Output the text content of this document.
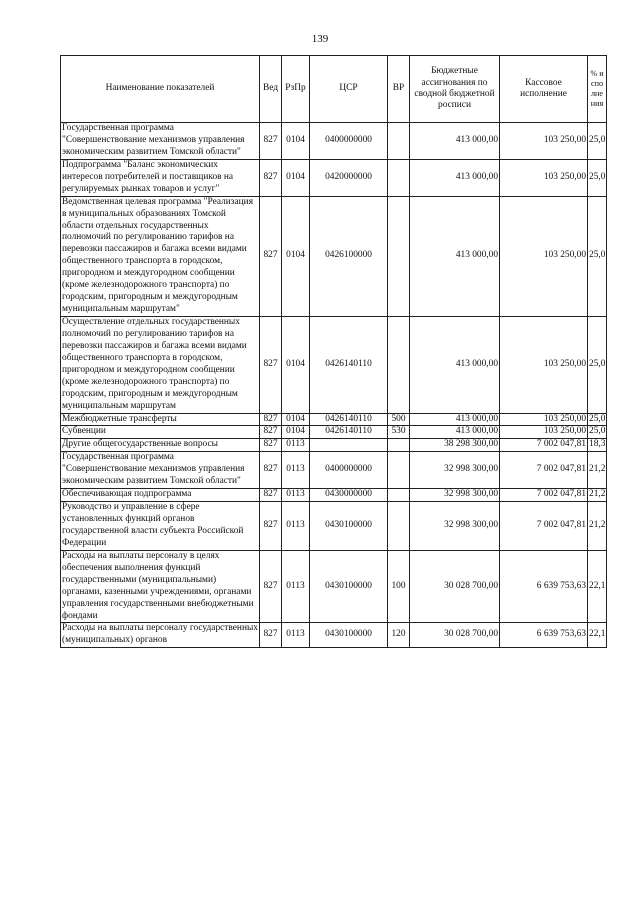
139
Наименование показателей	Вед	РзПр	ЦСР	ВР	Бюджетные ассигнования по сводной бюджетной росписи	Кассовое исполнение	% исполнения
Государственная программа "Совершенствование механизмов управления экономическим развитием Томской области"	827	0104	0400000000		413 000,00	103 250,00	25,0
Подпрограмма "Баланс экономических интересов потребителей и поставщиков на регулируемых рынках товаров и услуг"	827	0104	0420000000		413 000,00	103 250,00	25,0
Ведомственная целевая программа "Реализация в муниципальных образованиях Томской области отдельных государственных полномочий по регулированию тарифов на перевозки пассажиров и багажа всеми видами общественного транспорта в городском, пригородном и междугородном сообщении (кроме железнодорожного транспорта) по городским, пригородным и междугородным муниципальным маршрутам"	827	0104	0426100000		413 000,00	103 250,00	25,0
Осуществление отдельных государственных полномочий по регулированию тарифов на перевозки пассажиров и багажа всеми видами общественного транспорта в городском, пригородном и междугородном сообщении (кроме железнодорожного транспорта) по городским, пригородным и междугородным муниципальным маршрутам	827	0104	0426140110		413 000,00	103 250,00	25,0
Межбюджетные трансферты	827	0104	0426140110	500	413 000,00	103 250,00	25,0
Субвенции	827	0104	0426140110	530	413 000,00	103 250,00	25,0
Другие общегосударственные вопросы	827	0113			38 298 300,00	7 002 047,81	18,3
Государственная программа "Совершенствование механизмов управления экономическим развитием Томской области"	827	0113	0400000000		32 998 300,00	7 002 047,81	21,2
Обеспечивающая подпрограмма	827	0113	0430000000		32 998 300,00	7 002 047,81	21,2
Руководство и управление в сфере установленных функций органов государственной власти субъекта Российской Федерации	827	0113	0430100000		32 998 300,00	7 002 047,81	21,2
Расходы на выплаты персоналу в целях обеспечения выполнения функций государственными (муниципальными) органами, казенными учреждениями, органами управления государственными внебюджетными фондами	827	0113	0430100000	100	30 028 700,00	6 639 753,63	22,1
Расходы на выплаты персоналу государственных (муниципальных) органов	827	0113	0430100000	120	30 028 700,00	6 639 753,63	22,1
